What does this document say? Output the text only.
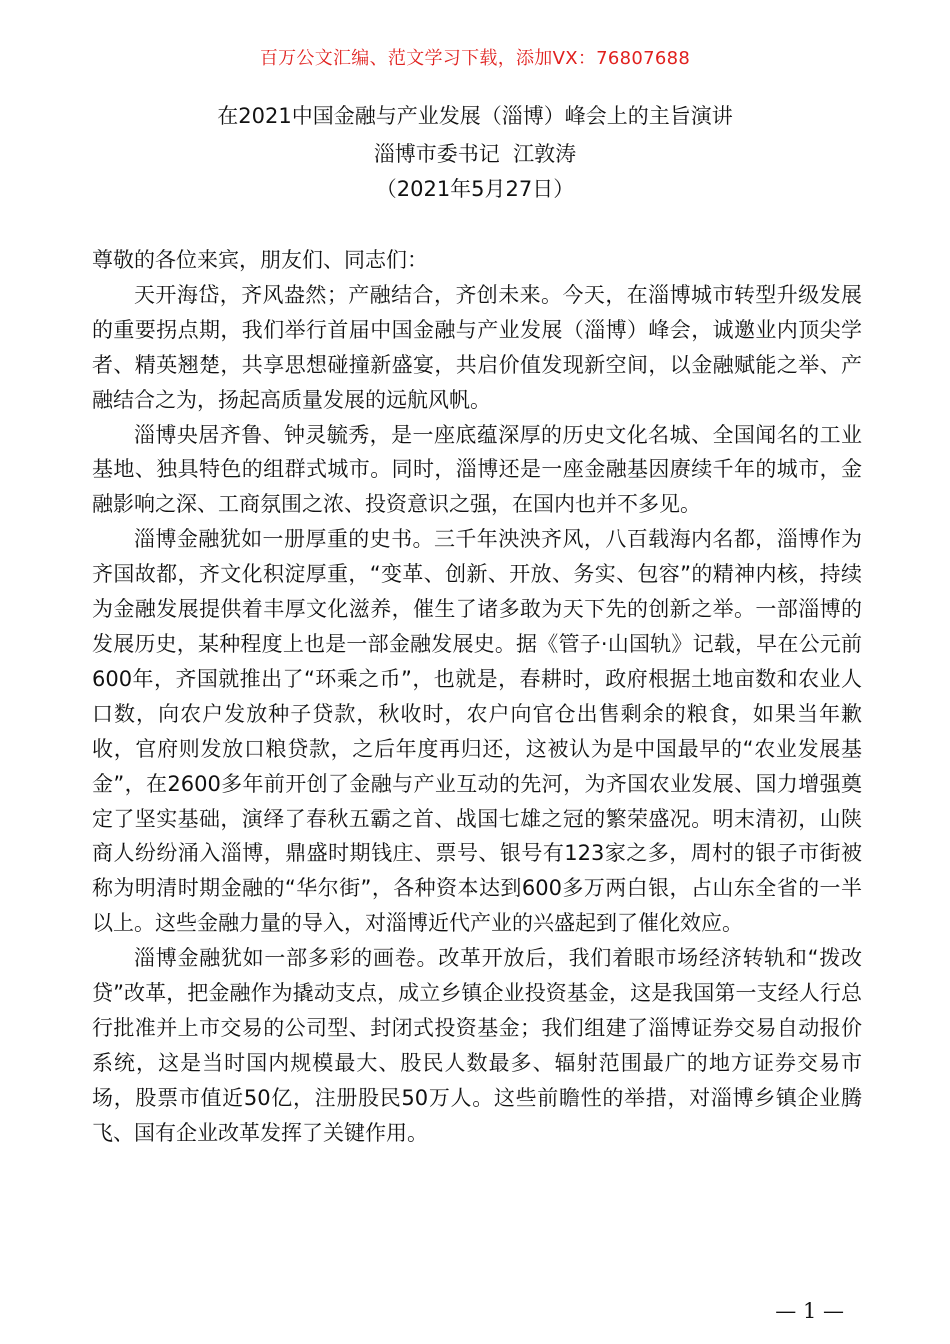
百万公文汇编、范文学习下载，添加VX：76807688
在2021中国金融与产业发展（淄博）峰会上的主旨演讲
淄博市委书记  江敦涛
（2021年5月27日）

尊敬的各位来宾，朋友们、同志们：

天开海岱，齐风盎然；产融结合，齐创未来。今天，在淄博城市转型升级发展的重要拐点期，我们举行首届中国金融与产业发展（淄博）峰会，诚邀业内顶尖学者、精英翘楚，共享思想碰撞新盛宴，共启价值发现新空间，以金融赋能之举、产融结合之为，扬起高质量发展的远航风帆。

淄博央居齐鲁、钟灵毓秀，是一座底蕴深厚的历史文化名城、全国闻名的工业基地、独具特色的组群式城市。同时，淄博还是一座金融基因赓续千年的城市，金融影响之深、工商氛围之浓、投资意识之强，在国内也并不多见。

淄博金融犹如一册厚重的史书。三千年泱泱齐风，八百载海内名都，淄博作为齐国故都，齐文化积淀厚重，“变革、创新、开放、务实、包容”的精神内核，持续为金融发展提供着丰厚文化滋养，催生了诸多敢为天下先的创新之举。一部淄博的发展历史，某种程度上也是一部金融发展史。据《管子·山国轨》记载，早在公元前600年，齐国就推出了“环乘之币”，也就是，春耕时，政府根据土地亩数和农业人口数，向农户发放种子贷款，秋收时，农户向官仓出售剩余的粮食，如果当年歉收，官府则发放口粮贷款，之后年度再归还，这被认为是中国最早的“农业发展基金”，在2600多年前开创了金融与产业互动的先河，为齐国农业发展、国力增强奠定了坚实基础，演绎了春秋五霸之首、战国七雄之冠的繁荣盛况。明末清初，山陕商人纷纷涌入淄博，鼎盛时期钱庄、票号、银号有123家之多，周村的银子市街被称为明清时期金融的“华尔街”，各种资本达到600多万两白银，占山东全省的一半以上。这些金融力量的导入，对淄博近代产业的兴盛起到了催化效应。

淄博金融犹如一部多彩的画卷。改革开放后，我们着眼市场经济转轨和“拨改贷”改革，把金融作为撬动支点，成立乡镇企业投资基金，这是我国第一支经人行总行批准并上市交易的公司型、封闭式投资基金；我们组建了淄博证券交易自动报价系统，这是当时国内规模最大、股民人数最多、辐射范围最广的地方证券交易市场，股票市值近50亿，注册股民50万人。这些前瞻性的举措，对淄博乡镇企业腾飞、国有企业改革发挥了关键作用。

— 1 —
